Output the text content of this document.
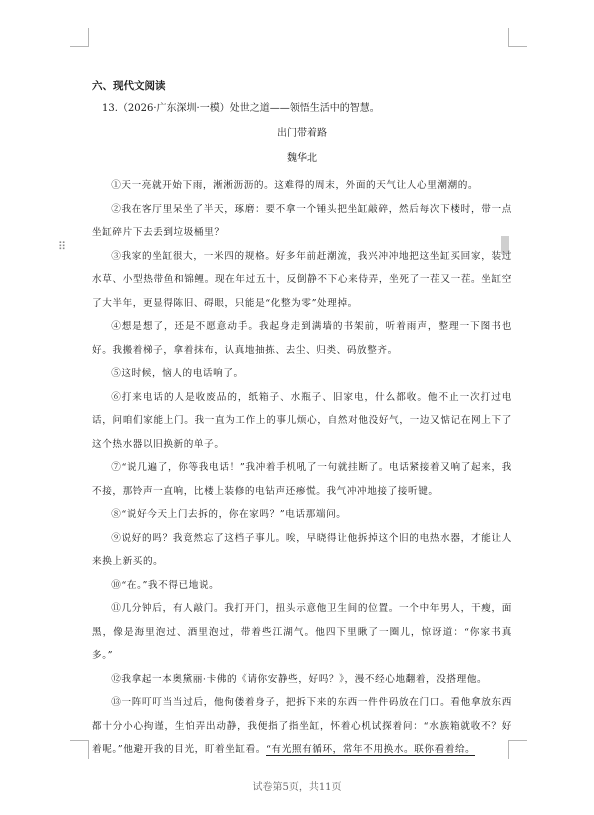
⠿
六、现代文阅读
13.（2026·广东深圳·一模）处世之道——领悟生活中的智慧。
出门带着路
魏华北

①天一亮就开始下雨，淅淅沥沥的。这难得的周末，外面的天气让人心里潮潮的。

②我在客厅里呆坐了半天，琢磨：要不拿一个锤头把坐缸敲碎，然后每次下楼时，带一点坐缸碎片下去丢到垃圾桶里？

③我家的坐缸很大，一米四的规格。好多年前赶潮流，我兴冲冲地把这坐缸买回家，装过水草、小型热带鱼和锦鲤。现在年过五十，反倒静不下心来侍弄，坐死了一茬又一茬。坐缸空了大半年，更显得陈旧、碍眼，只能是“化整为零”处理掉。

④想是想了，还是不愿意动手。我起身走到满墙的书架前，听着雨声，整理一下图书也好。我搬着梯子，拿着抹布，认真地抽拣、去尘、归类、码放整齐。

⑤这时候，恼人的电话响了。

⑥打来电话的人是收废品的，纸箱子、水瓶子、旧家电，什么都收。他不止一次打过电话，问咱们家能上门。我一直为工作上的事儿烦心，自然对他没好气，一边又惦记在网上下了这个热水器以旧换新的单子。

⑦“说几遍了，你等我电话！”我冲着手机吼了一句就挂断了。电话紧接着又响了起来，我不接，那铃声一直响，比楼上装修的电钻声还瘆慌。我气冲冲地接了接听键。

⑧“说好今天上门去拆的，你在家吗？”电话那端问。

⑨说好的吗？我竟然忘了这档子事儿。唉，早晓得让他拆掉这个旧的电热水器，才能让人来换上新买的。

⑩“在。”我不得已地说。

⑪几分钟后，有人敲门。我打开门，扭头示意他卫生间的位置。一个中年男人，干瘦，面黑，像是海里泡过、酒里泡过，带着些江湖气。他四下里瞅了一圈儿，惊讶道：“你家书真多。”

⑫我拿起一本奥黛丽·卡佛的《请你安静些，好吗？》，漫不经心地翻着，没搭理他。

⑬一阵叮叮当当过后，他佝偻着身子，把拆下来的东西一件件码放在门口。看他拿放东西都十分小心拘谨，生怕弄出动静，我便指了指坐缸，怀着心机试探着问：“水族箱就收不？好着呢。”他避开我的目光，盯着坐缸看。“有光照有循环，常年不用换水。联你看着给。

试卷第5页，共11页
